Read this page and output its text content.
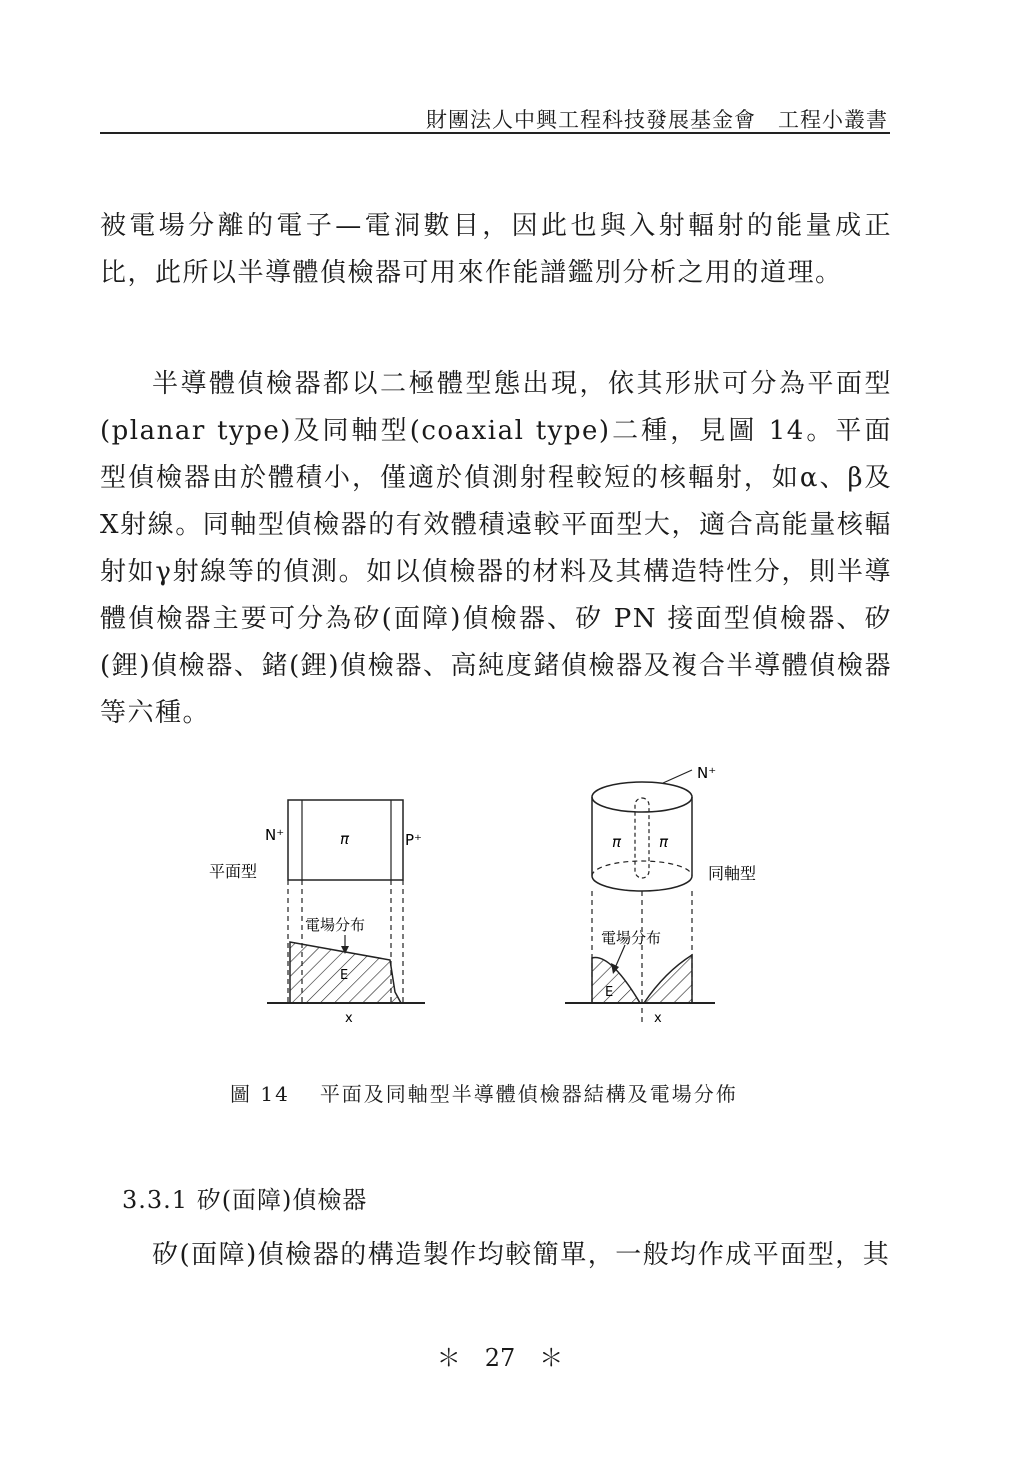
財團法人中興工程科技發展基金會　工程小叢書

被電場分離的電子—電洞數目，因此也與入射輻射的能量成正比，此所以半導體偵檢器可用來作能譜鑑別分析之用的道理。

半導體偵檢器都以二極體型態出現，依其形狀可分為平面型(planar type)及同軸型(coaxial type)二種，見圖 14。平面型偵檢器由於體積小，僅適於偵測射程較短的核輻射，如α、β及Ⅹ射線。同軸型偵檢器的有效體積遠較平面型大，適合高能量核輻射如γ射線等的偵測。如以偵檢器的材料及其構造特性分，則半導體偵檢器主要可分為矽(面障)偵檢器、矽 PN 接面型偵檢器、矽(鋰)偵檢器、鍺(鋰)偵檢器、高純度鍺偵檢器及複合半導體偵檢器等六種。

N⁺	P⁺
π
平面型
電場分布
E
x
N⁺
π	π
同軸型
電場分布
E
x
圖 14 平面及同軸型半導體偵檢器結構及電場分佈
3.3.1 矽(面障)偵檢器

矽(面障)偵檢器的構造製作均較簡單，一般均作成平面型，其

＊　27　＊
